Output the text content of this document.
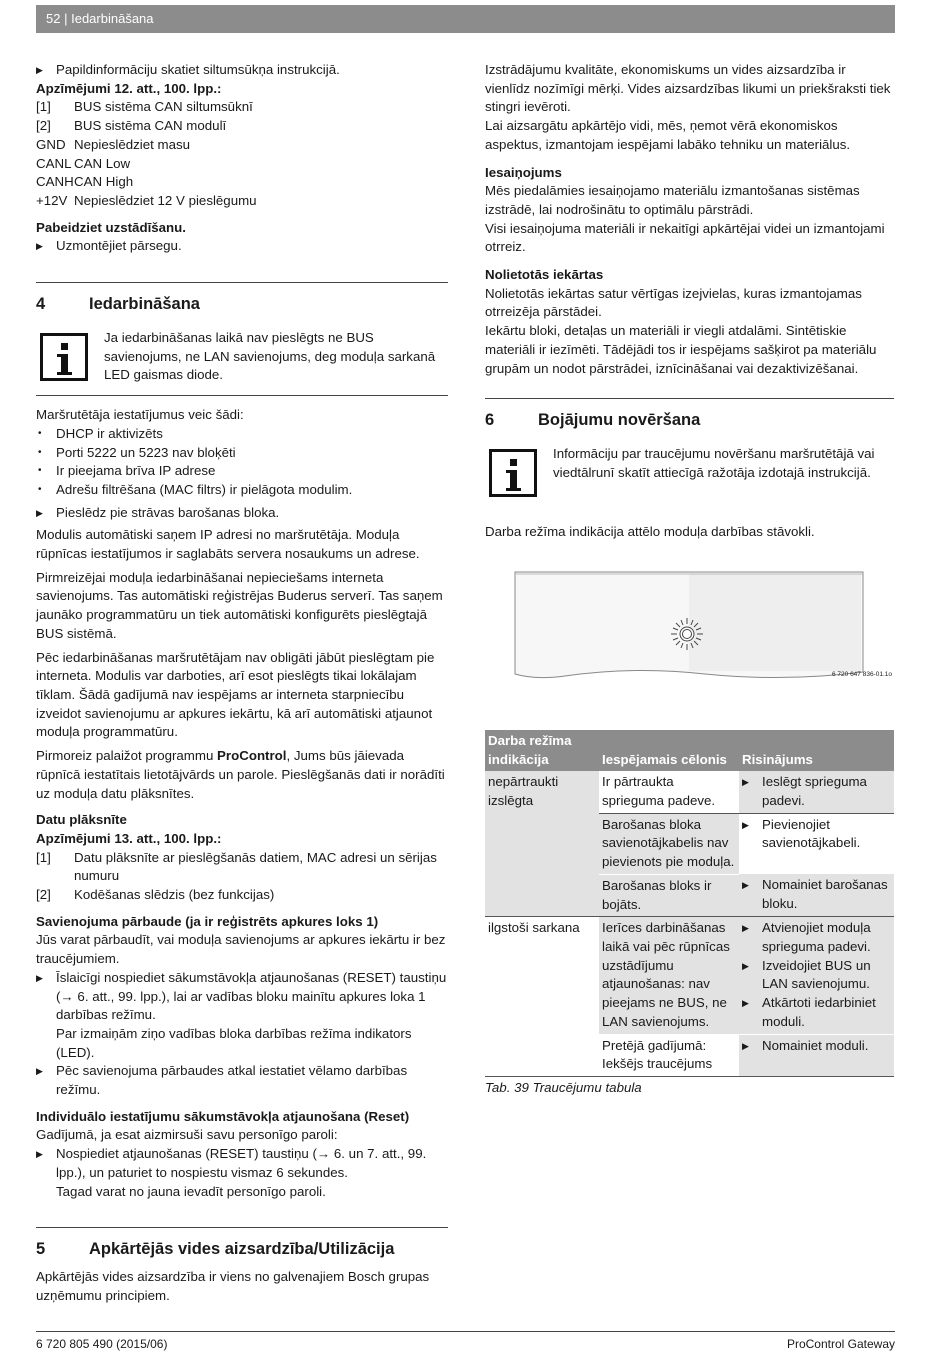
52 | Iedarbināšana

▶ Papildinformāciju skatiet siltumsūkņa instrukcijā.

Apzīmējumi 12. att., 100. lpp.:

[1]	BUS sistēma CAN siltumsūknī
[2]	BUS sistēma CAN modulī
GND Nepieslēdziet masu
CANL CAN Low
CANH CAN High
+12V Nepieslēdziet 12 V pieslēgumu

Pabeidziet uzstādīšanu.

▶ Uzmontējiet pārsegu.

4	Iedarbināšana

Ja iedarbināšanas laikā nav pieslēgts ne BUS savienojums, ne LAN savienojums, deg moduļa sarkanā LED gaismas diode.

Maršrutētāja iestatījumus veic šādi:

• DHCP ir aktivizēts

• Porti 5222 un 5223 nav bloķēti

• Ir pieejama brīva IP adrese

• Adrešu filtrēšana (MAC filtrs) ir pielāgota modulim.

▶ Pieslēdz pie strāvas barošanas bloka.

Modulis automātiski saņem IP adresi no maršrutētāja. Moduļa rūpnīcas iestatījumos ir saglabāts servera nosaukums un adrese.

Pirmreizējai moduļa iedarbināšanai nepieciešams interneta savienojums. Tas automātiski reģistrējas Buderus serverī. Tas saņem jaunāko programmatūru un tiek automātiski konfigurēts pieslēgtajā BUS sistēmā.

Pēc iedarbināšanas maršrutētājam nav obligāti jābūt pieslēgtam pie interneta. Modulis var darboties, arī esot pieslēgts tikai lokālajam tīklam. Šādā gadījumā nav iespējams ar interneta starpniecību izveidot savienojumu ar apkures iekārtu, kā arī automātiski atjaunot moduļa programmatūru.

Pirmoreiz palaižot programmu ProControl, Jums būs jāievada rūpnīcā iestatītais lietotājvārds un parole. Pieslēgšanās dati ir norādīti uz moduļa datu plāksnītes.

Datu plāksnīte

Apzīmējumi 13. att., 100. lpp.:

[1]	Datu plāksnīte ar pieslēgšanās datiem, MAC adresi un sērijas numuru
[2]	Kodēšanas slēdzis (bez funkcijas)

Savienojuma pārbaude (ja ir reģistrēts apkures loks 1)

Jūs varat pārbaudīt, vai moduļa savienojums ar apkures iekārtu ir bez traucējumiem.

▶ Īslaicīgi nospiediet sākumstāvokļa atjaunošanas (RESET) taustiņu (→ 6. att., 99. lpp.), lai ar vadības bloku mainītu apkures loka 1 darbības režīmu.

Par izmaiņām ziņo vadības bloka darbības režīma indikators (LED).

▶ Pēc savienojuma pārbaudes atkal iestatiet vēlamo darbības režīmu.

Individuālo iestatījumu sākumstāvokļa atjaunošana (Reset)

Gadījumā, ja esat aizmirsuši savu personīgo paroli:

▶ Nospiediet atjaunošanas (RESET) taustiņu (→ 6. un 7. att., 99. lpp.), un paturiet to nospiestu vismaz 6 sekundes.

Tagad varat no jauna ievadīt personīgo paroli.

5	Apkārtējās vides aizsardzība/Utilizācija

Apkārtējās vides aizsardzība ir viens no galvenajiem Bosch grupas uzņēmumu principiem.

Izstrādājumu kvalitāte, ekonomiskums un vides aizsardzība ir vienlīdz nozīmīgi mērķi. Vides aizsardzības likumi un priekšraksti tiek stingri ievēroti.

Lai aizsargātu apkārtējo vidi, mēs, ņemot vērā ekonomiskos aspektus, izmantojam iespējami labāko tehniku un materiālus.

Iesaiņojums

Mēs piedalāmies iesaiņojamo materiālu izmantošanas sistēmas izstrādē, lai nodrošinātu to optimālu pārstrādi.

Visi iesaiņojuma materiāli ir nekaitīgi apkārtējai videi un izmantojami otrreiz.

Nolietotās iekārtas

Nolietotās iekārtas satur vērtīgas izejvielas, kuras izmantojamas otrreizēja pārstādei.

Iekārtu bloki, detaļas un materiāli ir viegli atdalāmi. Sintētiskie materiāli ir iezīmēti. Tādējādi tos ir iespējams sašķirot pa materiālu grupām un nodot pārstrādei, iznīcināšanai vai dezaktivizēšanai.

6	Bojājumu novēršana

Informāciju par traucējumu novēršanu maršrutētājā vai viedtālrunī skatīt attiecīgā ražotāja izdotajā instrukcijā.

Darba režīma indikācija attēlo moduļa darbības stāvokli.

6 720 647 836-01.1o
Darba režīma indikācija	Iespējamais cēlonis	Risinājums
nepārtraukti izslēgta	Ir pārtraukta sprieguma padeve.	▶ Ieslēgt sprieguma padevi.

	Barošanas bloka savienotājkabelis nav pievienots pie moduļa.	▶ Pievienojiet savienotājkabeli.

	Barošanas bloks ir bojāts.	▶ Nomainiet barošanas bloku.

ilgstoši sarkana	Ierīces darbināšanas laikā vai pēc rūpnīcas uzstādījumu atjaunošanas: nav pieejams ne BUS, ne LAN savienojums.	▶ Atvienojiet moduļa sprieguma padevi.

▶ Izveidojiet BUS un LAN savienojumu.

▶ Atkārtoti iedarbiniet moduli.

	Pretējā gadījumā: Iekšējs traucējums	▶ Nomainiet moduli.

Tab. 39 Traucējumu tabula

6 720 805 490 (2015/06)	ProControl Gateway
